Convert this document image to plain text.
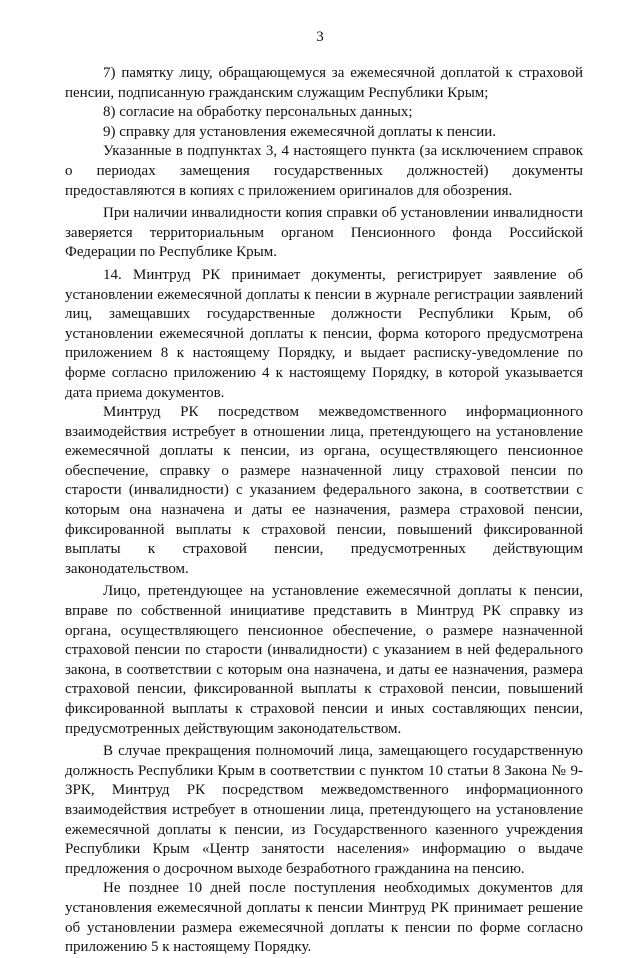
3

7) памятку лицу, обращающемуся за ежемесячной доплатой к страховой пенсии, подписанную гражданским служащим Республики Крым;

8) согласие на обработку персональных данных;

9) справку для установления ежемесячной доплаты к пенсии.

Указанные в подпунктах 3, 4 настоящего пункта (за исключением справок о периодах замещения государственных должностей) документы предоставляются в копиях с приложением оригиналов для обозрения.

При наличии инвалидности копия справки об установлении инвалидности заверяется территориальным органом Пенсионного фонда Российской Федерации по Республике Крым.

14. Минтруд РК принимает документы, регистрирует заявление об установлении ежемесячной доплаты к пенсии в журнале регистрации заявлений лиц, замещавших государственные должности Республики Крым, об установлении ежемесячной доплаты к пенсии, форма которого предусмотрена приложением 8 к настоящему Порядку, и выдает расписку-уведомление по форме согласно приложению 4 к настоящему Порядку, в которой указывается дата приема документов.

Минтруд РК посредством межведомственного информационного взаимодействия истребует в отношении лица, претендующего на установление ежемесячной доплаты к пенсии, из органа, осуществляющего пенсионное обеспечение, справку о размере назначенной лицу страховой пенсии по старости (инвалидности) с указанием федерального закона, в соответствии с которым она назначена и даты ее назначения, размера страховой пенсии, фиксированной выплаты к страховой пенсии, повышений фиксированной выплаты к страховой пенсии, предусмотренных действующим законодательством.

Лицо, претендующее на установление ежемесячной доплаты к пенсии, вправе по собственной инициативе представить в Минтруд РК справку из органа, осуществляющего пенсионное обеспечение, о размере назначенной страховой пенсии по старости (инвалидности) с указанием в ней федерального закона, в соответствии с которым она назначена, и даты ее назначения, размера страховой пенсии, фиксированной выплаты к страховой пенсии, повышений фиксированной выплаты к страховой пенсии и иных составляющих пенсии, предусмотренных действующим законодательством.

В случае прекращения полномочий лица, замещающего государственную должность Республики Крым в соответствии с пунктом 10 статьи 8 Закона № 9-ЗРК, Минтруд РК посредством межведомственного информационного взаимодействия истребует в отношении лица, претендующего на установление ежемесячной доплаты к пенсии, из Государственного казенного учреждения Республики Крым «Центр занятости населения» информацию о выдаче предложения о досрочном выходе безработного гражданина на пенсию.

Не позднее 10 дней после поступления необходимых документов для установления ежемесячной доплаты к пенсии Минтруд РК принимает решение об установлении размера ежемесячной доплаты к пенсии по форме согласно приложению 5 к настоящему Порядку.
